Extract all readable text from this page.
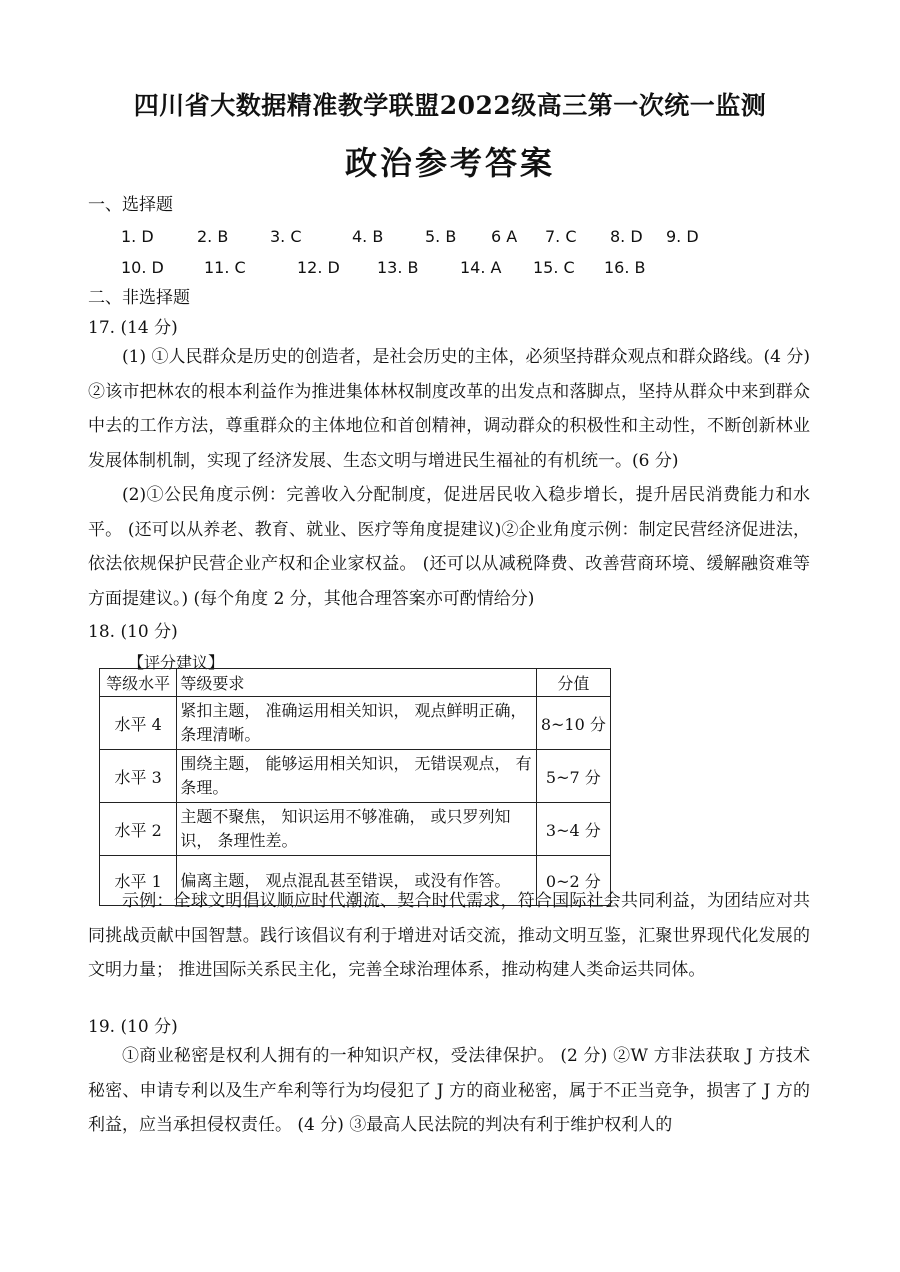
四川省大数据精准教学联盟2022级高三第一次统一监测
政治参考答案
一、选择题
1. D	2. B	3. C	4. B	5. B 6 A 7. C 8. D 9. D
10. D	11. C	12. D 13. B	14. A 15. C 16. B
二、非选择题
17. (14 分)
(1) ①人民群众是历史的创造者，是社会历史的主体，必须坚持群众观点和群众路线。(4 分) ②该市把林农的根本利益作为推进集体林权制度改革的出发点和落脚点，坚持从群众中来到群众中去的工作方法，尊重群众的主体地位和首创精神，调动群众的积极性和主动性，不断创新林业发展体制机制，实现了经济发展、生态文明与增进民生福祉的有机统一。(6 分)
(2)①公民角度示例：完善收入分配制度，促进居民收入稳步增长，提升居民消费能力和水平。 (还可以从养老、教育、就业、医疗等角度提建议)②企业角度示例：制定民营经济促进法，依法依规保护民营企业产权和企业家权益。 (还可以从减税降费、改善营商环境、缓解融资难等方面提建议。) (每个角度 2 分，其他合理答案亦可酌情给分)
18. (10 分)
【评分建议】
等级水平	等级要求	分值
水平 4	紧扣主题， 准确运用相关知识， 观点鲜明正确， 条理清晰。	8~10 分
水平 3	围绕主题， 能够运用相关知识， 无错误观点， 有条理。	5~7 分
水平 2	主题不聚焦， 知识运用不够准确， 或只罗列知识， 条理性差。	3~4 分
水平 1	偏离主题， 观点混乱甚至错误， 或没有作答。	0~2 分
示例：全球文明倡议顺应时代潮流、契合时代需求，符合国际社会共同利益，为团结应对共同挑战贡献中国智慧。践行该倡议有利于增进对话交流，推动文明互鉴，汇聚世界现代化发展的文明力量； 推进国际关系民主化，完善全球治理体系，推动构建人类命运共同体。
19. (10 分)
①商业秘密是权利人拥有的一种知识产权，受法律保护。 (2 分) ②W 方非法获取 J 方技术秘密、申请专利以及生产牟利等行为均侵犯了 J 方的商业秘密，属于不正当竞争，损害了 J 方的利益，应当承担侵权责任。 (4 分) ③最高人民法院的判决有利于维护权利人的
